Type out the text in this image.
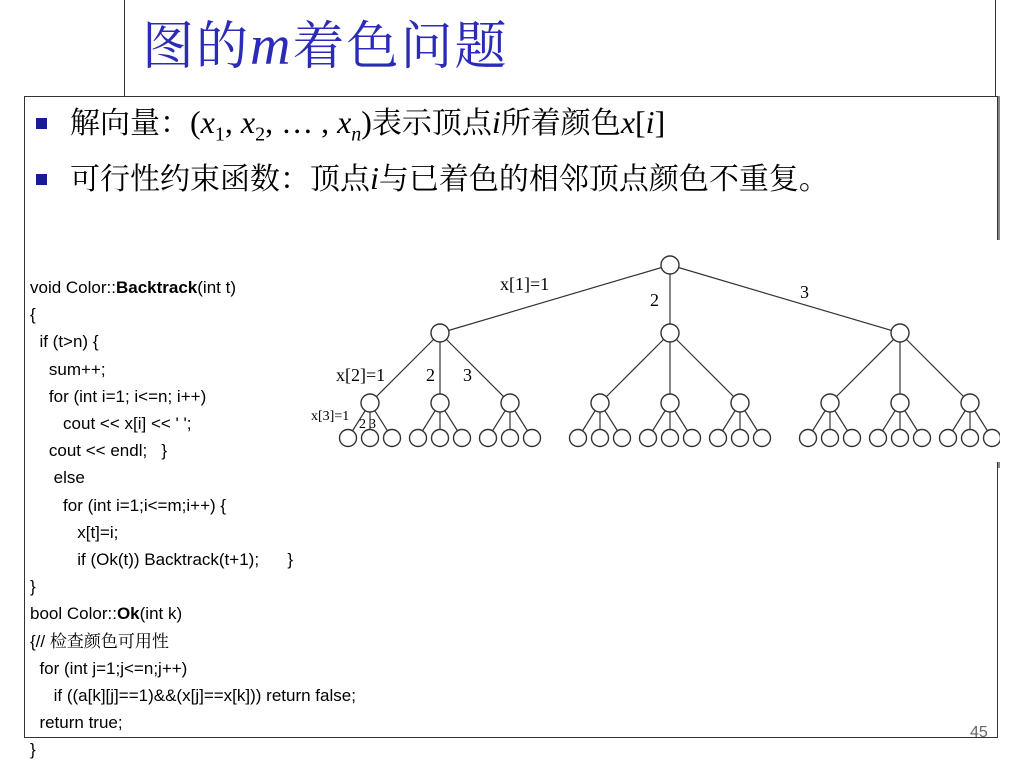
图的m着色问题
解向量：($x_1$, $x_2$, … , $x_n$)表示顶点i所着颜色x[i]
可行性约束函数：顶点i与已着色的相邻顶点颜色不重复。
void Color::Backtrack(int t)
{
if (t>n) {
sum++;
for (int i=1; i<=n; i++)
cout << x[i] << ' ';
cout << endl;   }
else
for (int i=1;i<=m;i++) {
x[t]=i;
if (Ok(t)) Backtrack(t+1);      }
}
bool Color::Ok(int k)
{// 检查颜色可用性
for (int j=1;j<=n;j++)
if ((a[k][j]==1)&&(x[j]==x[k])) return false;
return true;
}
x[1]=1
2	3
x[2]=1 2 3
x[3]=1
2 3
45
